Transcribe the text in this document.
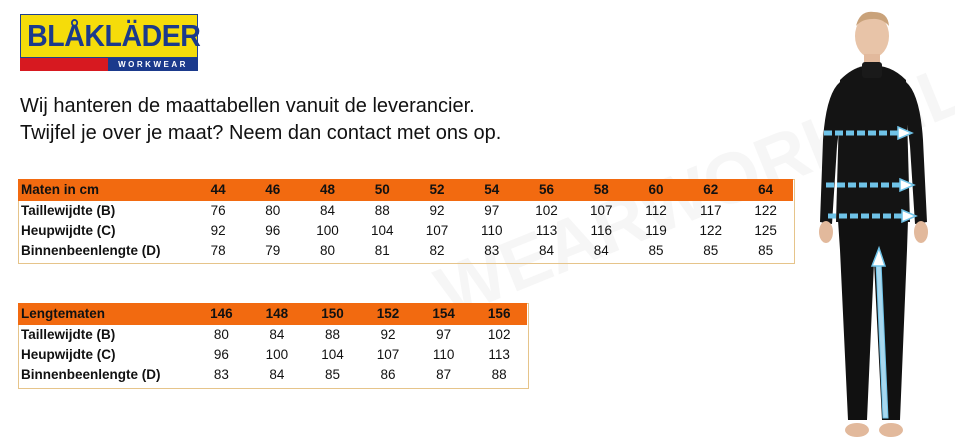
BLÅKLÄDER
WORKWEAR
Wij hanteren de maattabellen vanuit de leverancier.
Twijfel je over je maat? Neem dan contact met ons op.
Maten in cm	44	46	48	50	52	54	56	58	60	62	64
Taillewijdte (B)	76	80	84	88	92	97	102	107	112	117	122
Heupwijdte (C)	92	96	100	104	107	110	113	116	119	122	125
Binnenbeenlengte (D)	78	79	80	81	82	83	84	84	85	85	85
Lengtematen	146	148	150	152	154	156
Taillewijdte (B)	80	84	88	92	97	102
Heupwijdte (C)	96	100	104	107	110	113
Binnenbeenlengte (D)	83	84	85	86	87	88
